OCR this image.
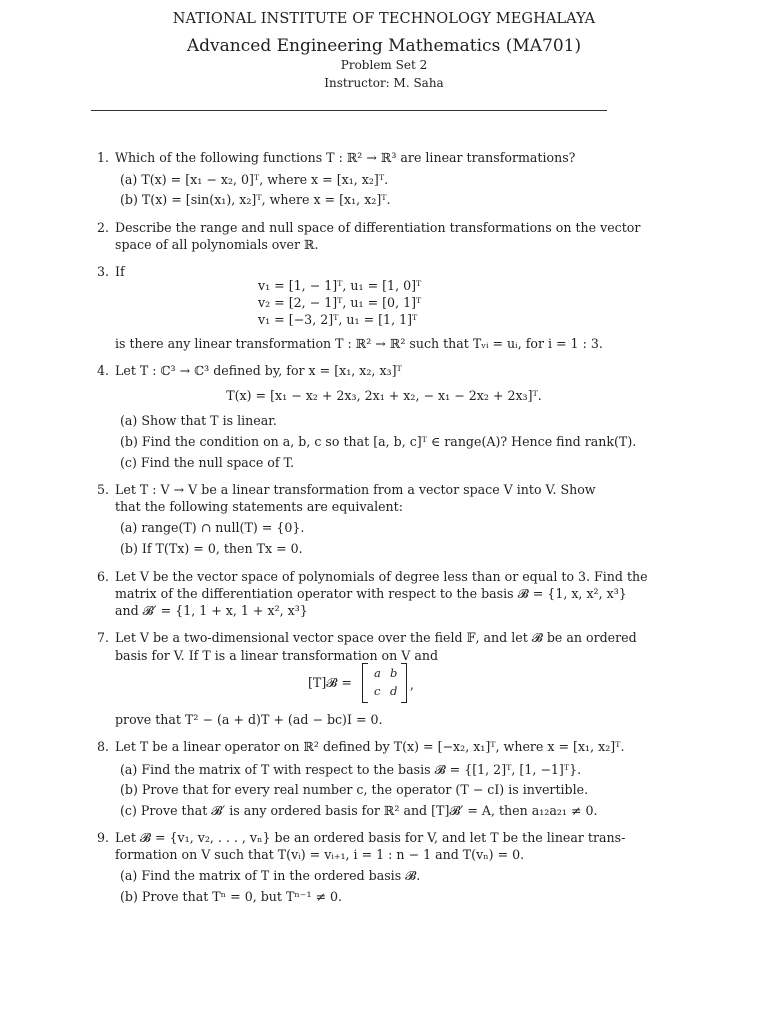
NATIONAL INSTITUTE OF TECHNOLOGY MEGHALAYA
Advanced Engineering Mathematics (MA701)
Problem Set 2
Instructor: M. Saha
1. Which of the following functions T : ℝ² → ℝ³ are linear transformations?
(a) T(x) = [x₁ − x₂, 0]ᵀ, where x = [x₁, x₂]ᵀ.
(b) T(x) = [sin(x₁), x₂]ᵀ, where x = [x₁, x₂]ᵀ.
2. Describe the range and null space of differentiation transformations on the vector
space of all polynomials over ℝ.
3. If
v₁ = [1, − 1]ᵀ, u₁ = [1, 0]ᵀ
v₂ = [2, − 1]ᵀ, u₁ = [0, 1]ᵀ
v₁ = [−3, 2]ᵀ, u₁ = [1, 1]ᵀ
is there any linear transformation T : ℝ² → ℝ² such that Tᵥᵢ = uᵢ, for i = 1 : 3.
4. Let T : ℂ³ → ℂ³ defined by, for x = [x₁, x₂, x₃]ᵀ
T(x) = [x₁ − x₂ + 2x₃, 2x₁ + x₂, − x₁ − 2x₂ + 2x₃]ᵀ.
(a) Show that T is linear.
(b) Find the condition on a, b, c so that [a, b, c]ᵀ ∈ range(A)? Hence find rank(T).
(c) Find the null space of T.
5. Let T : V → V be a linear transformation from a vector space V into V. Show
that the following statements are equivalent:
(a) range(T) ∩ null(T) = {0}.
(b) If T(Tx) = 0, then Tx = 0.
6. Let V be the vector space of polynomials of degree less than or equal to 3. Find the
matrix of the differentiation operator with respect to the basis 𝓑 = {1, x, x², x³}
and 𝓑′ = {1, 1 + x, 1 + x², x³}
7. Let V be a two-dimensional vector space over the field 𝔽, and let 𝓑 be an ordered
basis for V. If T is a linear transformation on V and
[T]𝓑 =
a b
c d ,
prove that T² − (a + d)T + (ad − bc)I = 0.
8. Let T be a linear operator on ℝ² defined by T(x) = [−x₂, x₁]ᵀ, where x = [x₁, x₂]ᵀ.
(a) Find the matrix of T with respect to the basis 𝓑 = {[1, 2]ᵀ, [1, −1]ᵀ}.
(b) Prove that for every real number c, the operator (T − cI) is invertible.
(c) Prove that 𝓑′ is any ordered basis for ℝ² and [T]𝓑′ = A, then a₁₂a₂₁ ≠ 0.
9. Let 𝓑 = {v₁, v₂, . . . , vₙ} be an ordered basis for V, and let T be the linear trans-
formation on V such that T(vᵢ) = vᵢ₊₁, i = 1 : n − 1 and T(vₙ) = 0.
(a) Find the matrix of T in the ordered basis 𝓑.
(b) Prove that Tⁿ = 0, but Tⁿ⁻¹ ≠ 0.
